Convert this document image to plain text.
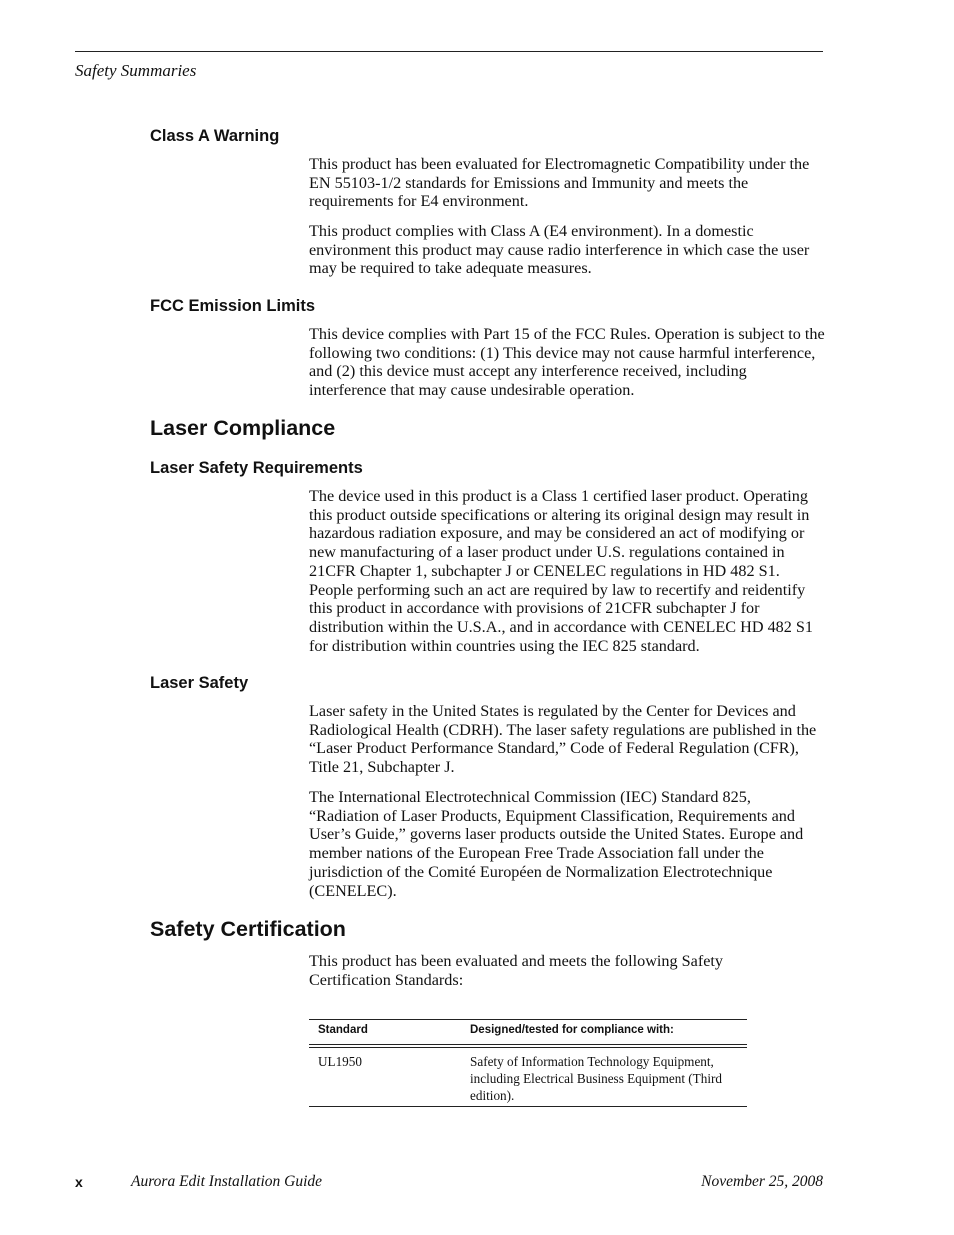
Safety Summaries
Class A Warning

This product has been evaluated for Electromagnetic Compatibility under the EN 55103-1/2 standards for Emissions and Immunity and meets the requirements for E4 environment.

This product complies with Class A (E4 environment). In a domestic environment this product may cause radio interference in which case the user may be required to take adequate measures.

FCC Emission Limits

This device complies with Part 15 of the FCC Rules. Operation is subject to the following two conditions: (1) This device may not cause harmful interference, and (2) this device must accept any interference received, including interference that may cause undesirable operation.

Laser Compliance
Laser Safety Requirements

The device used in this product is a Class 1 certified laser product. Operating this product outside specifications or altering its original design may result in hazardous radiation exposure, and may be considered an act of modifying or new manufacturing of a laser product under U.S. regulations contained in 21CFR Chapter 1, subchapter J or CENELEC regulations in HD 482 S1. People performing such an act are required by law to recertify and reidentify this product in accordance with provisions of 21CFR subchapter J for distribution within the U.S.A., and in accordance with CENELEC HD 482 S1 for distribution within countries using the IEC 825 standard.

Laser Safety

Laser safety in the United States is regulated by the Center for Devices and Radiological Health (CDRH). The laser safety regulations are published in the “Laser Product Performance Standard,” Code of Federal Regulation (CFR), Title 21, Subchapter J.

The International Electrotechnical Commission (IEC) Standard 825, “Radiation of Laser Products, Equipment Classification, Requirements and User’s Guide,” governs laser products outside the United States. Europe and member nations of the European Free Trade Association fall under the jurisdiction of the Comité Européen de Normalization Electrotechnique (CENELEC).

Safety Certification

This product has been evaluated and meets the following Safety Certification Standards:

Standard	Designed/tested for compliance with:
UL1950	Safety of Information Technology Equipment, including Electrical Business Equipment (Third edition).
x	Aurora Edit Installation Guide	November 25, 2008
